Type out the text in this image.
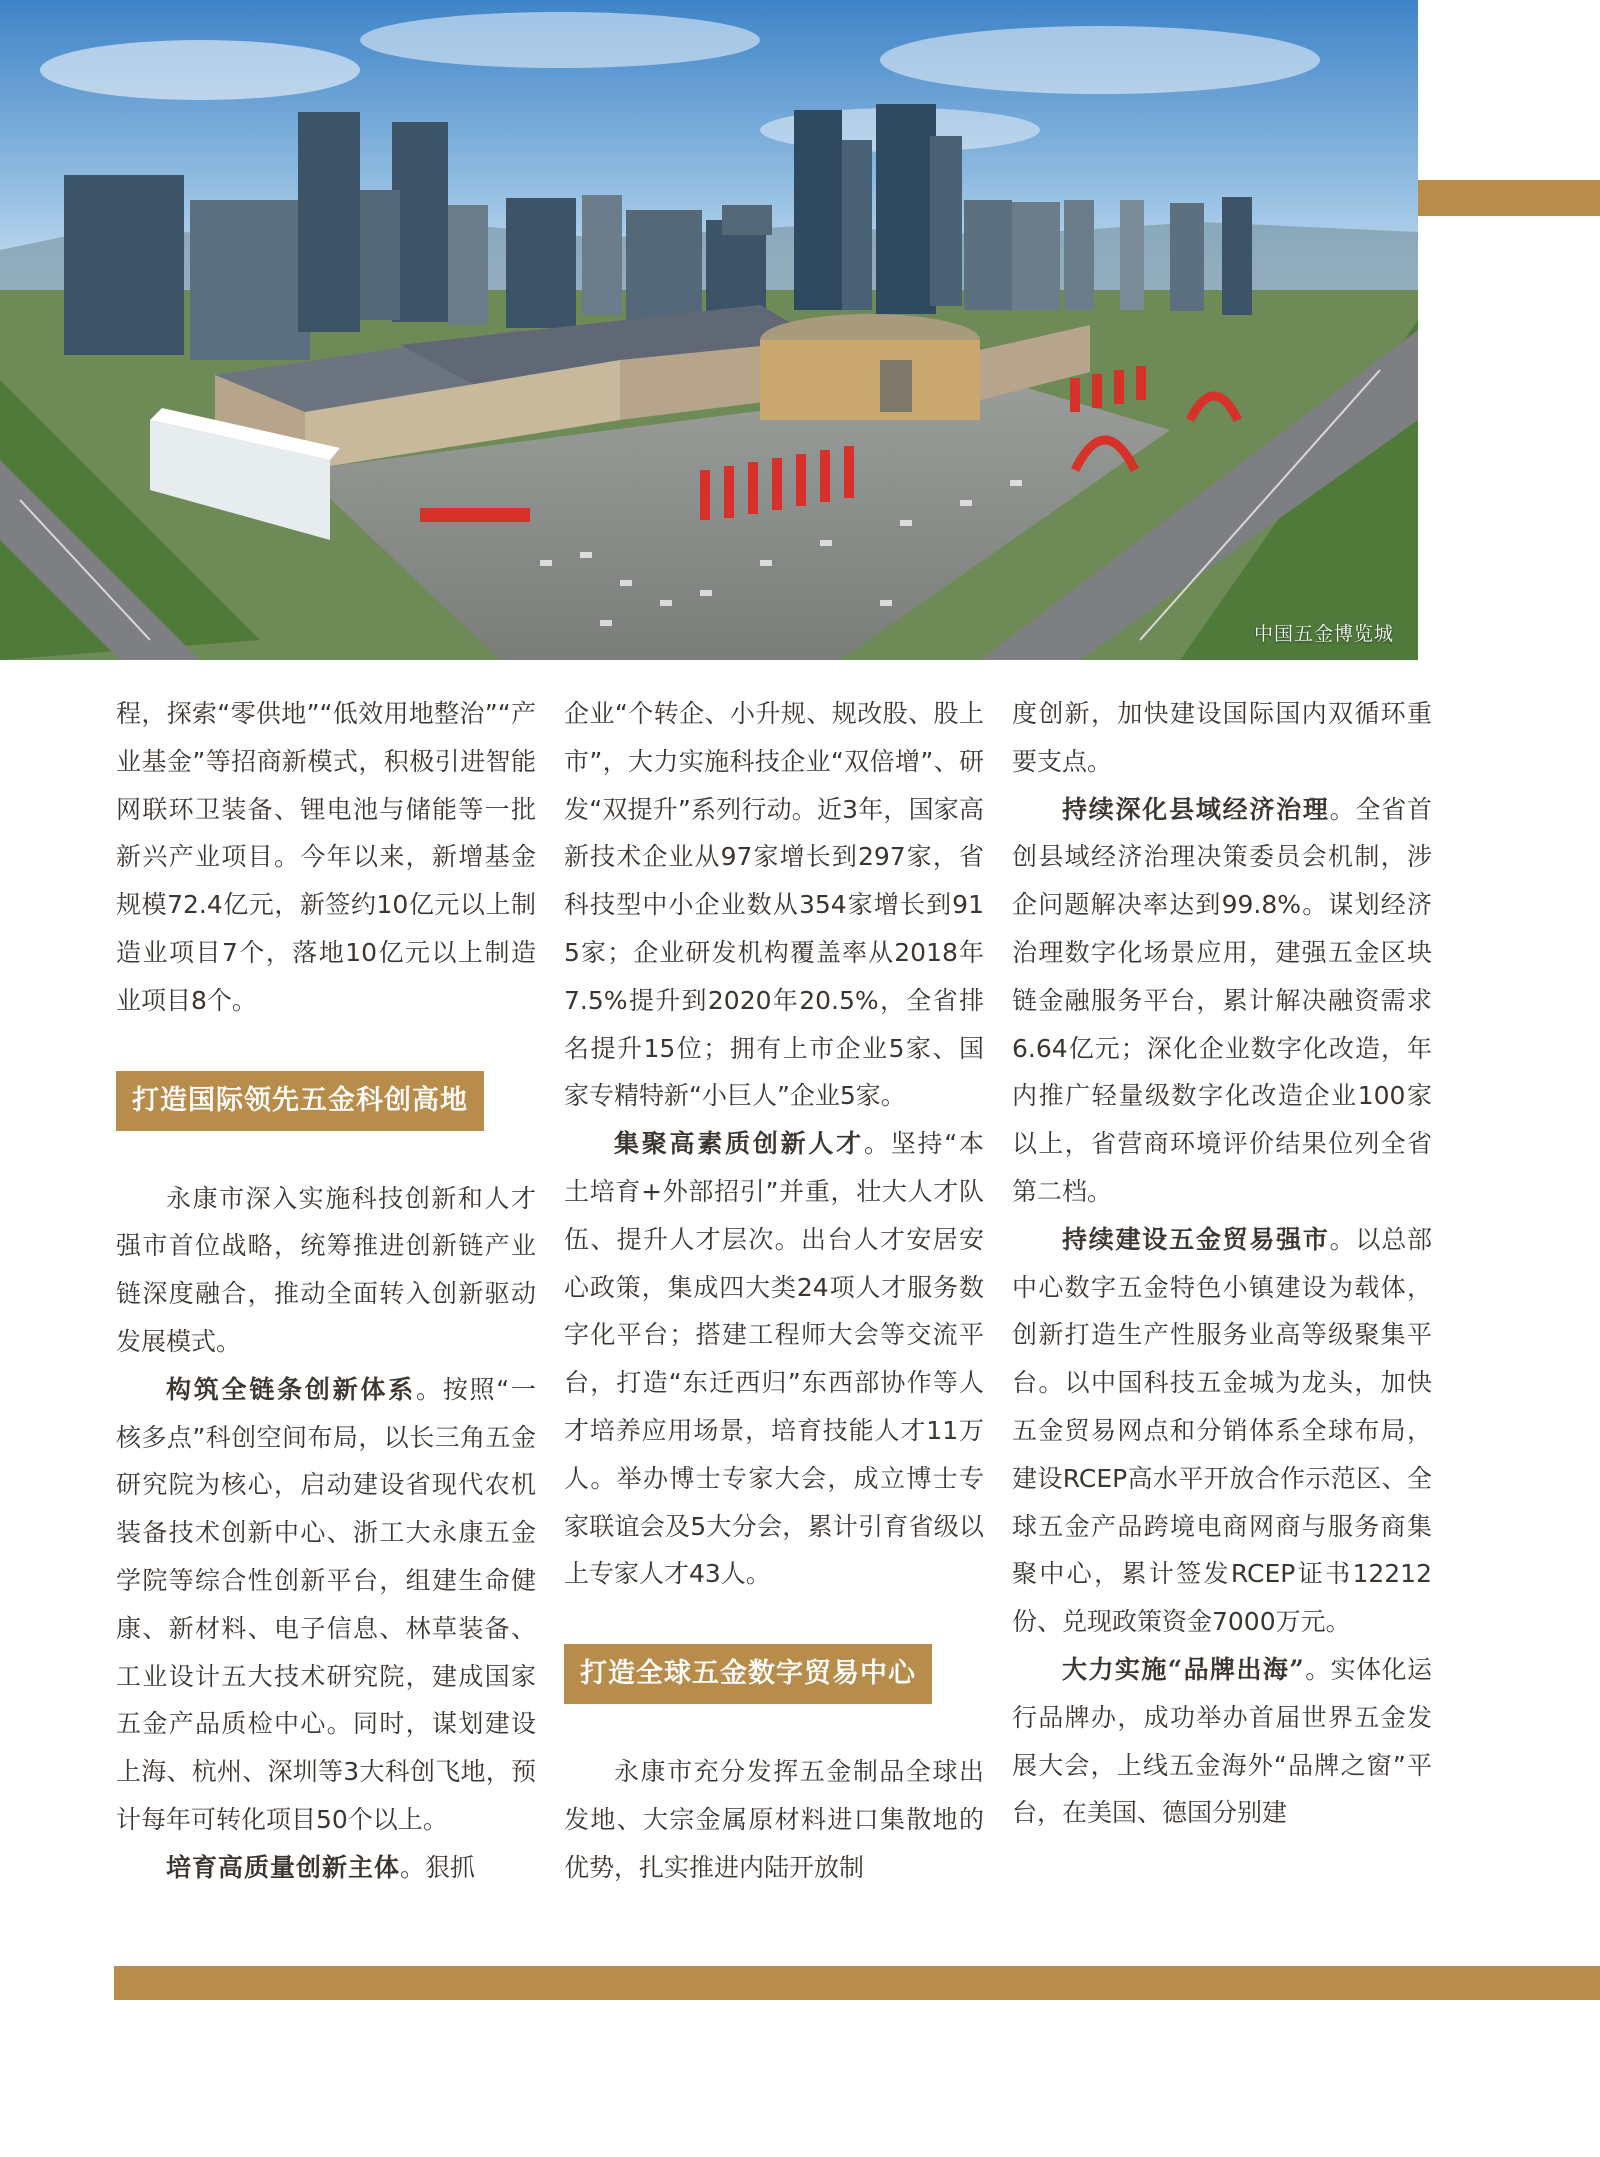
中国五金博览城

程，探索“零供地”“低效用地整治”“产业基金”等招商新模式，积极引进智能网联环卫装备、锂电池与储能等一批新兴产业项目。今年以来，新增基金规模72.4亿元，新签约10亿元以上制造业项目7个，落地10亿元以上制造业项目8个。

打造国际领先五金科创高地

永康市深入实施科技创新和人才强市首位战略，统筹推进创新链产业链深度融合，推动全面转入创新驱动发展模式。

构筑全链条创新体系。按照“一核多点”科创空间布局，以长三角五金研究院为核心，启动建设省现代农机装备技术创新中心、浙工大永康五金学院等综合性创新平台，组建生命健康、新材料、电子信息、林草装备、工业设计五大技术研究院，建成国家五金产品质检中心。同时，谋划建设上海、杭州、深圳等3大科创飞地，预计每年可转化项目50个以上。

培育高质量创新主体。狠抓

企业“个转企、小升规、规改股、股上市”，大力实施科技企业“双倍增”、研发“双提升”系列行动。近3年，国家高新技术企业从97家增长到297家，省科技型中小企业数从354家增长到915家；企业研发机构覆盖率从2018年7.5%提升到2020年20.5%，全省排名提升15位；拥有上市企业5家、国家专精特新“小巨人”企业5家。

集聚高素质创新人才。坚持“本土培育+外部招引”并重，壮大人才队伍、提升人才层次。出台人才安居安心政策，集成四大类24项人才服务数字化平台；搭建工程师大会等交流平台，打造“东迁西归”东西部协作等人才培养应用场景，培育技能人才11万人。举办博士专家大会，成立博士专家联谊会及5大分会，累计引育省级以上专家人才43人。

打造全球五金数字贸易中心

永康市充分发挥五金制品全球出发地、大宗金属原材料进口集散地的优势，扎实推进内陆开放制

度创新，加快建设国际国内双循环重要支点。

持续深化县域经济治理。全省首创县域经济治理决策委员会机制，涉企问题解决率达到99.8%。谋划经济治理数字化场景应用，建强五金区块链金融服务平台，累计解决融资需求6.64亿元；深化企业数字化改造，年内推广轻量级数字化改造企业100家以上，省营商环境评价结果位列全省第二档。

持续建设五金贸易强市。以总部中心数字五金特色小镇建设为载体，创新打造生产性服务业高等级聚集平台。以中国科技五金城为龙头，加快五金贸易网点和分销体系全球布局，建设RCEP高水平开放合作示范区、全球五金产品跨境电商网商与服务商集聚中心，累计签发RCEP证书12212份、兑现政策资金7000万元。

大力实施“品牌出海”。实体化运行品牌办，成功举办首届世界五金发展大会，上线五金海外“品牌之窗”平台，在美国、德国分别建
